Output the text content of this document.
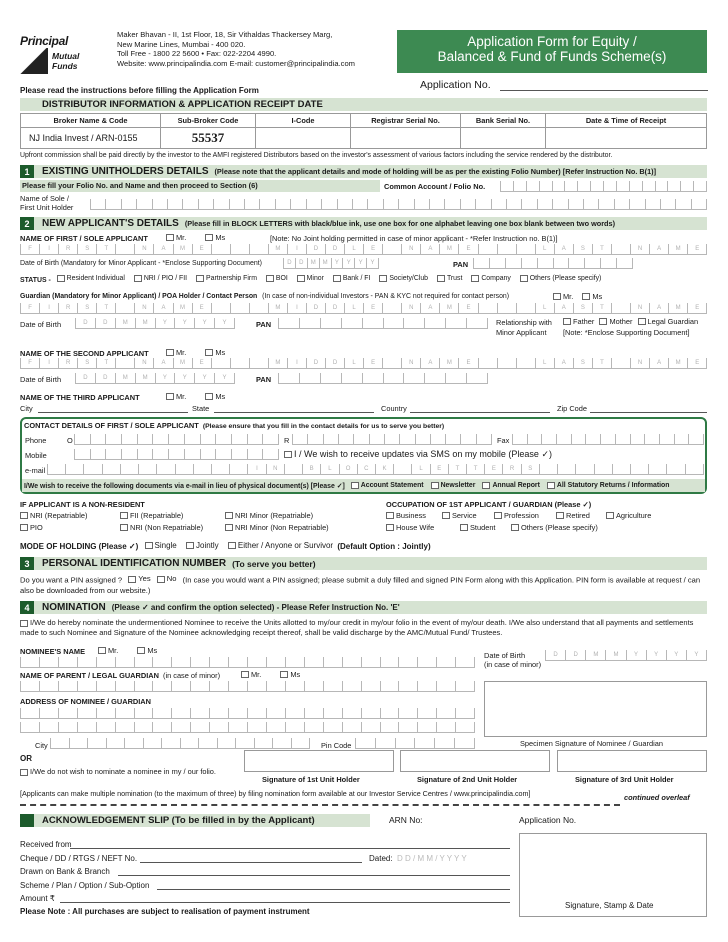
Principal
Mutual
Funds
Maker Bhavan - II, 1st Floor, 18, Sir Vithaldas Thackersey Marg,
New Marine Lines, Mumbai - 400 020.
Toll Free - 1800 22 5600 • Fax: 022-2204 4990.
Website: www.principalindia.com E-mail: customer@principalindia.com
Application Form for Equity /
Balanced & Fund of Funds Scheme(s)
Application No.
Please read the instructions before filling the Application Form
DISTRIBUTOR INFORMATION & APPLICATION RECEIPT DATE
Broker Name & Code	Sub-Broker Code	I-Code	Registrar Serial No.	Bank Serial No.	Date & Time of Receipt
NJ India Invest / ARN-0155	55537
Upfront commission shall be paid directly by the investor to the AMFI registered Distributors based on the investor's assessment of various factors including the service rendered by the distributor.
1	EXISTING UNITHOLDERS DETAILS (Please note that the applicant details and mode of holding will be as per the existing Folio Number) [Refer Instruction No. B(1)]
Please fill your Folio No. and Name and then proceed to Section (6)	Common Account / Folio No.
Name of Sole /
First Unit Holder
2	NEW APPLICANT'S DETAILS (Please fill in BLOCK LETTERS with black/blue ink, use one box for one alphabet leaving one box blank between two words)
NAME OF FIRST / SOLE APPLICANT	Mr.
	Ms	[Note: No Joint holding permitted in case of minor applicant - *Refer Instruction no. B(1)]
F	I	R	S	T	N	A	M	E	M	I	D	D	L	E	N	A	M	E	L	A	S	T	N	A	M	E
Date of Birth (Mandatory for Minor Applicant - *Enclose Supporting Document)	D	D	M	M	Y	Y	Y	Y	PAN
STATUS - Resident Individual
	NRI / PIO / FII
	Partnership Firm
	BOI
	Minor
	Bank / FI
	Society/Club
	Trust
	Company
	Others (Please specify)
Guardian (Mandatory for Minor Applicant) / POA Holder / Contact Person (In case of non-individual Investors - PAN & KYC not required for contact person)	Mr.
	Ms
F	I	R	S	T	N	A	M	E	M	I	D	D	L	E	N	A	M	E	L	A	S	T	N	A	M	E
Date of Birth	D	D	M	M	Y	Y	Y	Y	PAN	Relationship with
Minor Applicant
Father
Mother
Legal Guardian
[Note: *Enclose Supporting Document]
NAME OF THE SECOND APPLICANT	Mr.
	Ms
F	I	R	S	T	N	A	M	E	M	I	D	D	L	E	N	A	M	E	L	A	S	T	N	A	M	E
Date of Birth	D	D	M	M	Y	Y	Y	Y	PAN
NAME OF THE THIRD APPLICANT	Mr.
	Ms
City	State	Country	Zip Code
CONTACT DETAILS OF FIRST / SOLE APPLICANT (Please ensure that you fill in the contact details for us to serve you better)
Phone	O	R	Fax
Mobile	I / We wish to receive updates via SMS on my mobile (Please ✓)
e-mail	I	N	B	L	O	C	K	L	E	T	T	E	R	S
I/We wish to receive the following documents via e-mail in lieu of physical document(s) [Please ✓] Account Statement Newsletter Annual Report All Statutory Returns / Information
IF APPLICANT IS A NON-RESIDENT
NRI (Repatriable)	FII (Repatriable)	NRI Minor (Repatriable)
PIO	NRI (Non Repatriable)	NRI Minor (Non Repatriable)
OCCUPATION OF 1ST APPLICANT / GUARDIAN (Please ✓)
Business	Service	Profession	Retired	Agriculture
House Wife	Student	Others (Please specify)
MODE OF HOLDING (Please ✓) Single
Jointly
Either / Anyone or Survivor (Default Option : Jointly)
3	PERSONAL IDENTIFICATION NUMBER (To serve you better)
Do you want a PIN assigned ? Yes
No (In case you would want a PIN assigned; please submit a duly filled and signed PIN Form along with this Application. PIN form is available at request / can also be downloaded from our website.)
4	NOMINATION (Please ✓ and confirm the option selected) - Please Refer Instruction No. 'E'
I/We do hereby nominate the undermentioned Nominee to receive the Units allotted to my/our credit in my/our folio in the event of my/our death. I/We also understand that all payments and settlements made to such Nominee and Signature of the Nominee acknowledging receipt thereof, shall be valid discharge by the AMC/Mutual Fund/ Trustees.
NOMINEE'S NAME	Mr.
	Ms
Date of Birth
(in case of minor)
D	D	M	M	Y	Y	Y	Y
NAME OF PARENT / LEGAL GUARDIAN (in case of minor)	Mr.
	Ms
Specimen Signature of Nominee / Guardian
ADDRESS OF NOMINEE / GUARDIAN
City	Pin Code
OR
I/We do not wish to nominate a nominee in my / our folio.
Signature of 1st Unit Holder	Signature of 2nd Unit Holder	Signature of 3rd Unit Holder
[Applicants can make multiple nomination (to the maximum of three) by filing nomination form available at our Investor Service Centres / www.principalindia.com]	continued overleaf
ACKNOWLEDGEMENT SLIP (To be filled in by the Applicant)	ARN No:	Application No.
Received from
Cheque / DD / RTGS / NEFT No.	Dated: D D / M M / Y Y Y Y
Drawn on Bank & Branch
Scheme / Plan / Option / Sub-Option
Amount ₹
Please Note : All purchases are subject to realisation of payment instrument
Signature, Stamp & Date
